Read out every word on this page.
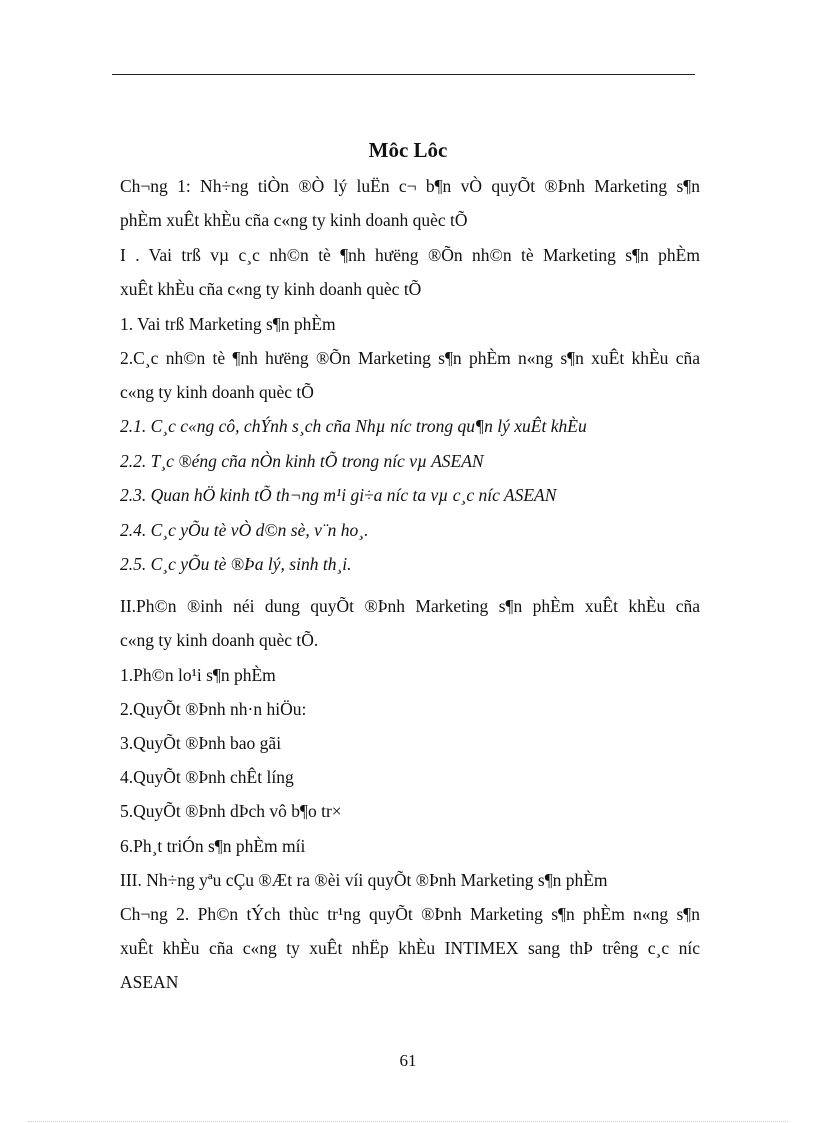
Môc Lôc
Ch¬ng 1: Nh÷ng tiÒn ®Ò lý luËn c¬ b¶n vÒ quyÕt ®Þnh Marketing s¶n
phÈm xuÊt khÈu cña c«ng ty kinh doanh quèc tÕ
I . Vai trß vµ c¸c nh©n tè ¶nh hưëng ®Õn nh©n tè Marketing s¶n phÈm
xuÊt khÈu cña c«ng ty kinh doanh quèc tÕ
1. Vai trß Marketing s¶n phÈm
2.C¸c nh©n tè ¶nh hưëng ®Õn Marketing s¶n phÈm n«ng s¶n xuÊt khÈu cña
c«ng ty kinh doanh quèc tÕ
2.1. C¸c c«ng cô, chÝnh s¸ch cña Nhµ níc trong qu¶n lý xuÊt khÈu
2.2. T¸c ®éng cña nÒn kinh tÕ trong níc vµ ASEAN
2.3. Quan hÖ kinh tÕ th¬ng m¹i gi÷a níc ta vµ c¸c níc ASEAN
2.4. C¸c yÕu tè vÒ d©n sè, v¨n ho¸.
2.5. C¸c yÕu tè ®Þa lý, sinh th¸i.
II.Ph©n ®inh néi dung quyÕt ®Þnh Marketing s¶n phÈm xuÊt khÈu cña
c«ng ty kinh doanh quèc tÕ.
1.Ph©n lo¹i s¶n phÈm
2.QuyÕt ®Þnh nh·n hiÖu:
3.QuyÕt ®Þnh bao gãi
4.QuyÕt ®Þnh chÊt líng
5.QuyÕt ®Þnh dÞch vô b¶o tr×
6.Ph¸t triÓn s¶n phÈm míi
III. Nh÷ng yªu cÇu ®Æt ra ®èi víi quyÕt ®Þnh Marketing s¶n phÈm
Ch¬ng 2. Ph©n tÝch thùc tr¹ng quyÕt ®Þnh Marketing s¶n phÈm n«ng s¶n
xuÊt khÈu cña c«ng ty xuÊt nhËp khÈu INTIMEX sang thÞ trêng c¸c níc
ASEAN
61
